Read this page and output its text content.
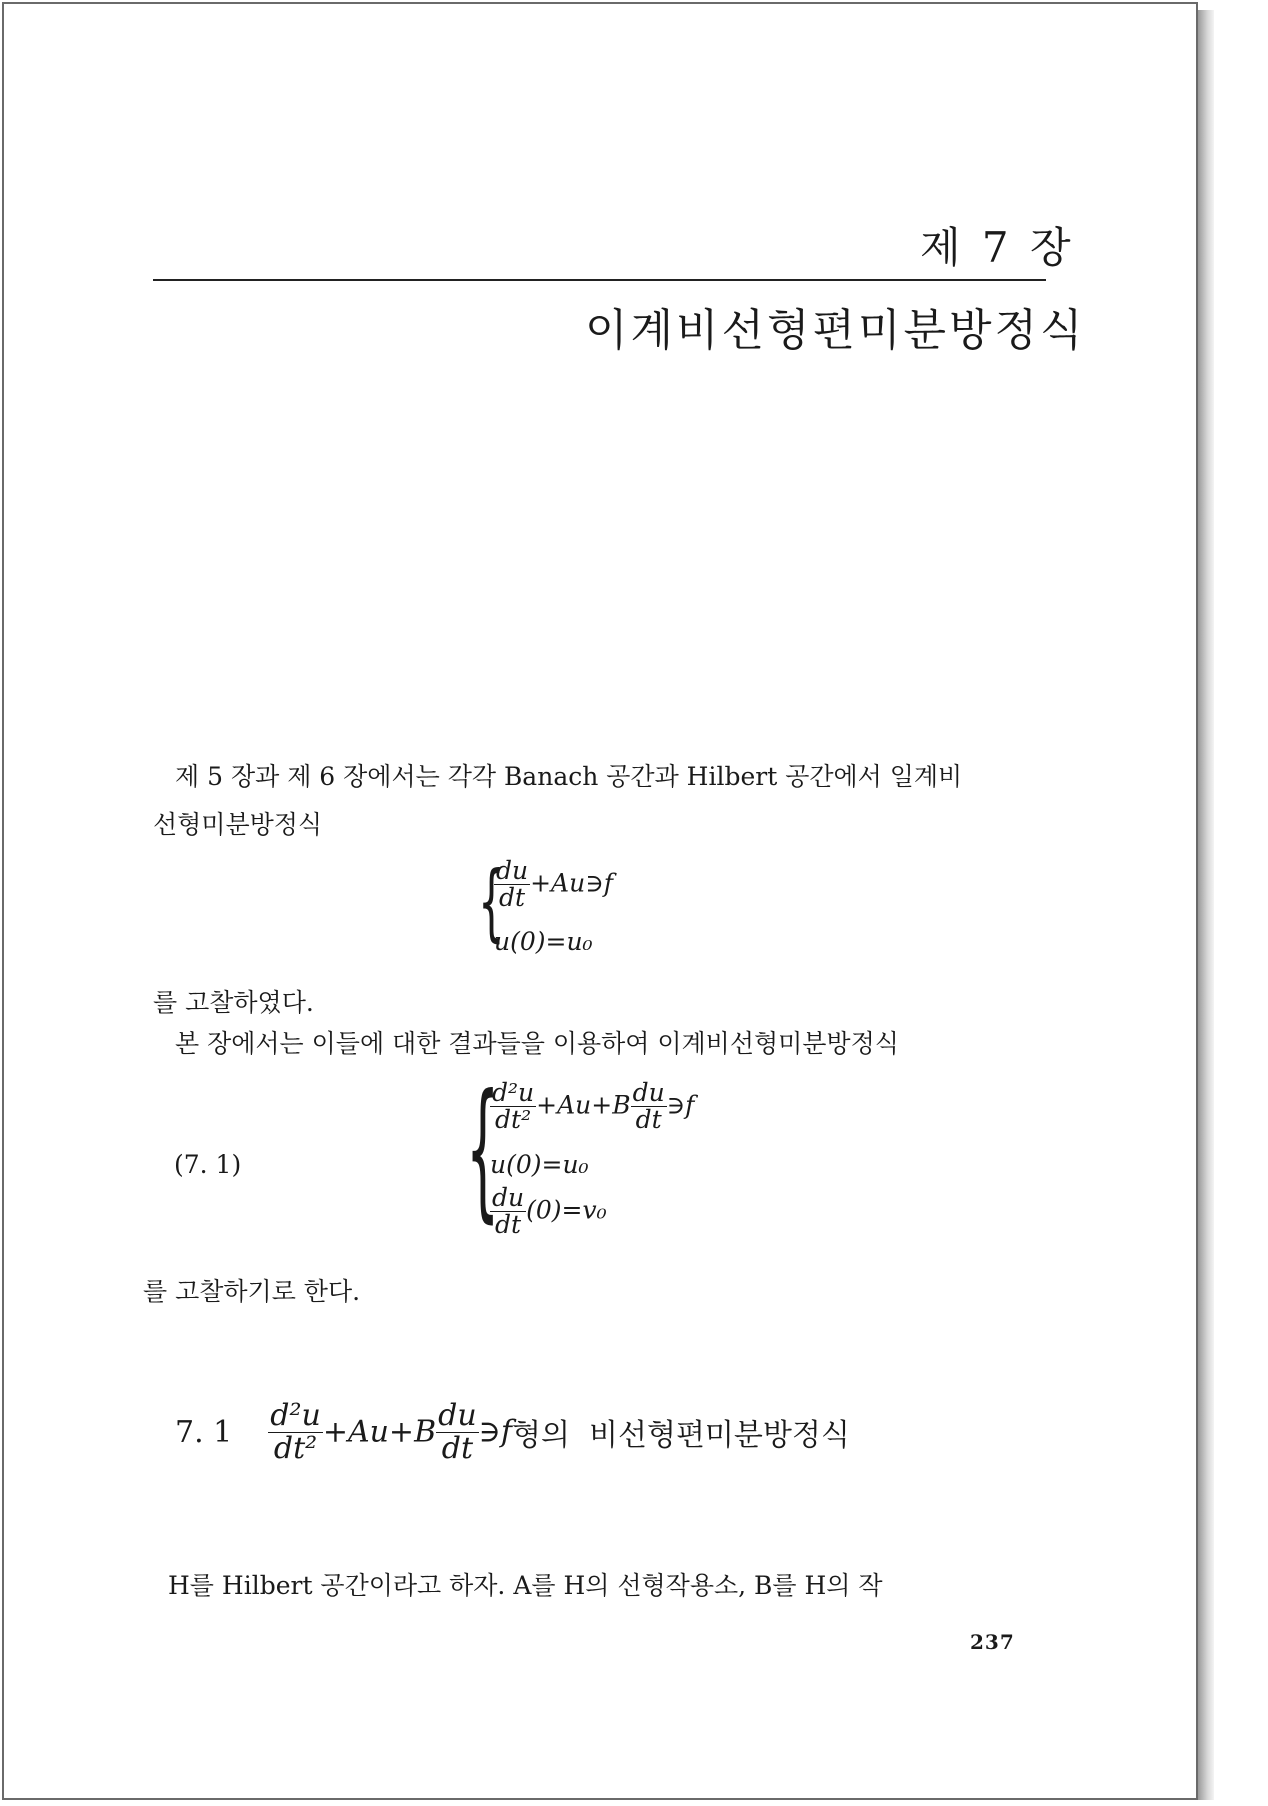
제 7 장
이계비선형편미분방정식
제 5 장과 제 6 장에서는 각각 Banach 공간과 Hilbert 공간에서 일계비
선형미분방정식
{
$\frac{du}{dt}$ +Au∋f
u(0)=u₀
를 고찰하였다.
본 장에서는 이들에 대한 결과들을 이용하여 이계비선형미분방정식
(7. 1) {
$\frac{\text{d²u}}{\text{dt²}} +Au+B \frac{du}{dt}$ ∋f
u(0)=u₀
$\frac{du}{dt} (0)=v_0$
를 고찰하기로 한다.
7. $1 \frac{\text{d²u}}{\text{dt²}} +Au+B \frac{du}{dt}$ ∋f형의  비선형편미분방정식
H를 Hilbert 공간이라고 하자. A를 H의 선형작용소, B를 H의 작
237
